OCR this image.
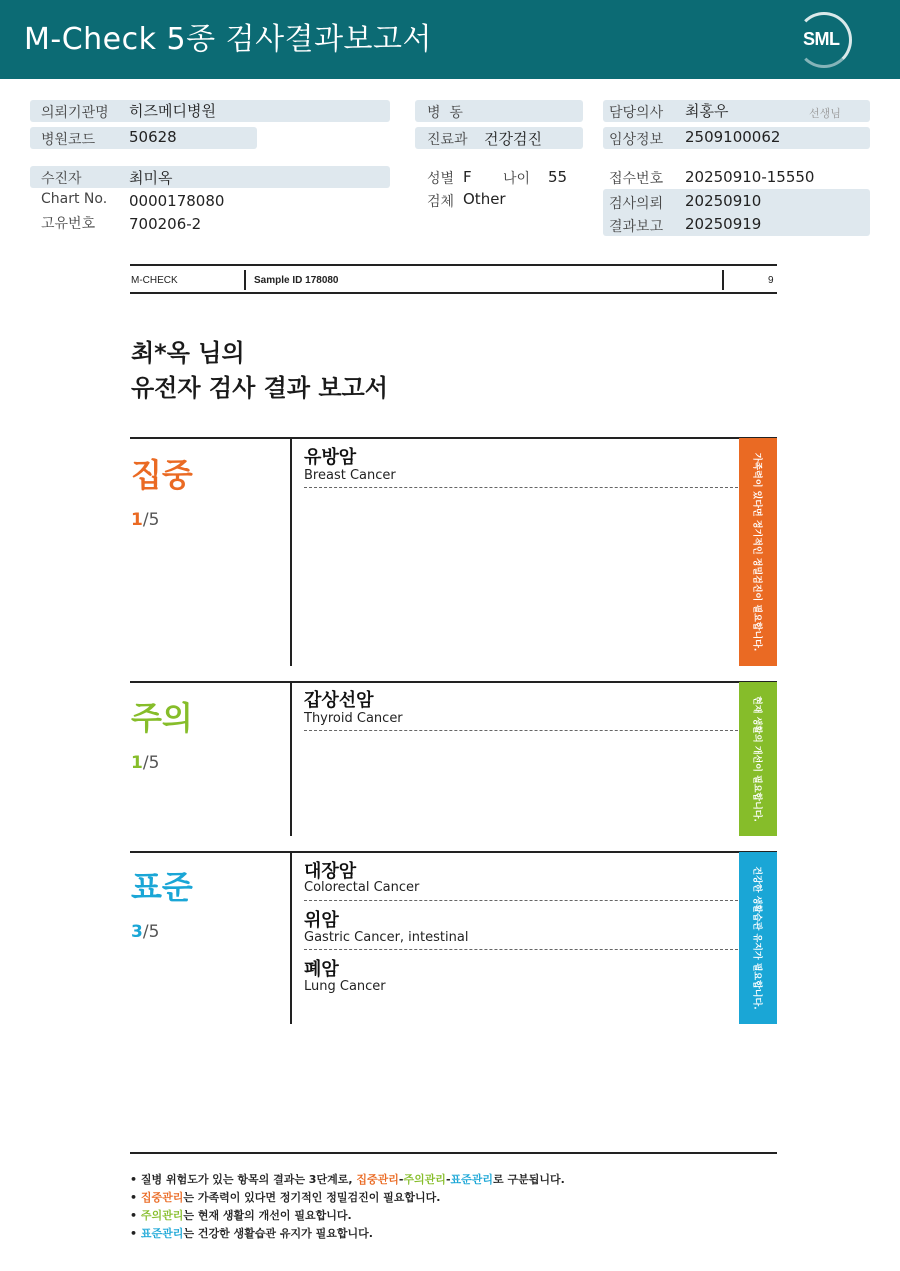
M-Check 5종 검사결과보고서	SML
의뢰기관명 히즈메디병원	병  동	담당의사 최홍우	선생님
병원코드 50628	진료과 건강검진	임상정보 2509100062
수진자	최미옥	성별 F 나이 55	접수번호 20250910-15550
Chart No. 0000178080	검체 Other	검사의뢰 20250910
고유번호 700206-2	결과보고 20250919
M-CHECK	Sample ID 178080	9
최*옥 님의
유전자 검사 결과 보고서
집중
1/5
유방암
Breast Cancer	가족력이 있다면 정기적인 정밀검진이 필요합니다.
주의
1/5
갑상선암
Thyroid Cancer	현재 생활의 개선이 필요합니다.
표준
3/5
대장암
Colorectal Cancer
위암
Gastric Cancer, intestinal
폐암
Lung Cancer	건강한 생활습관 유지가 필요합니다.
• 질병 위험도가 있는 항목의 결과는 3단계로, 집중관리-주의관리-표준관리로 구분됩니다.
• 집중관리는 가족력이 있다면 정기적인 정밀검진이 필요합니다.
• 주의관리는 현재 생활의 개선이 필요합니다.
• 표준관리는 건강한 생활습관 유지가 필요합니다.
